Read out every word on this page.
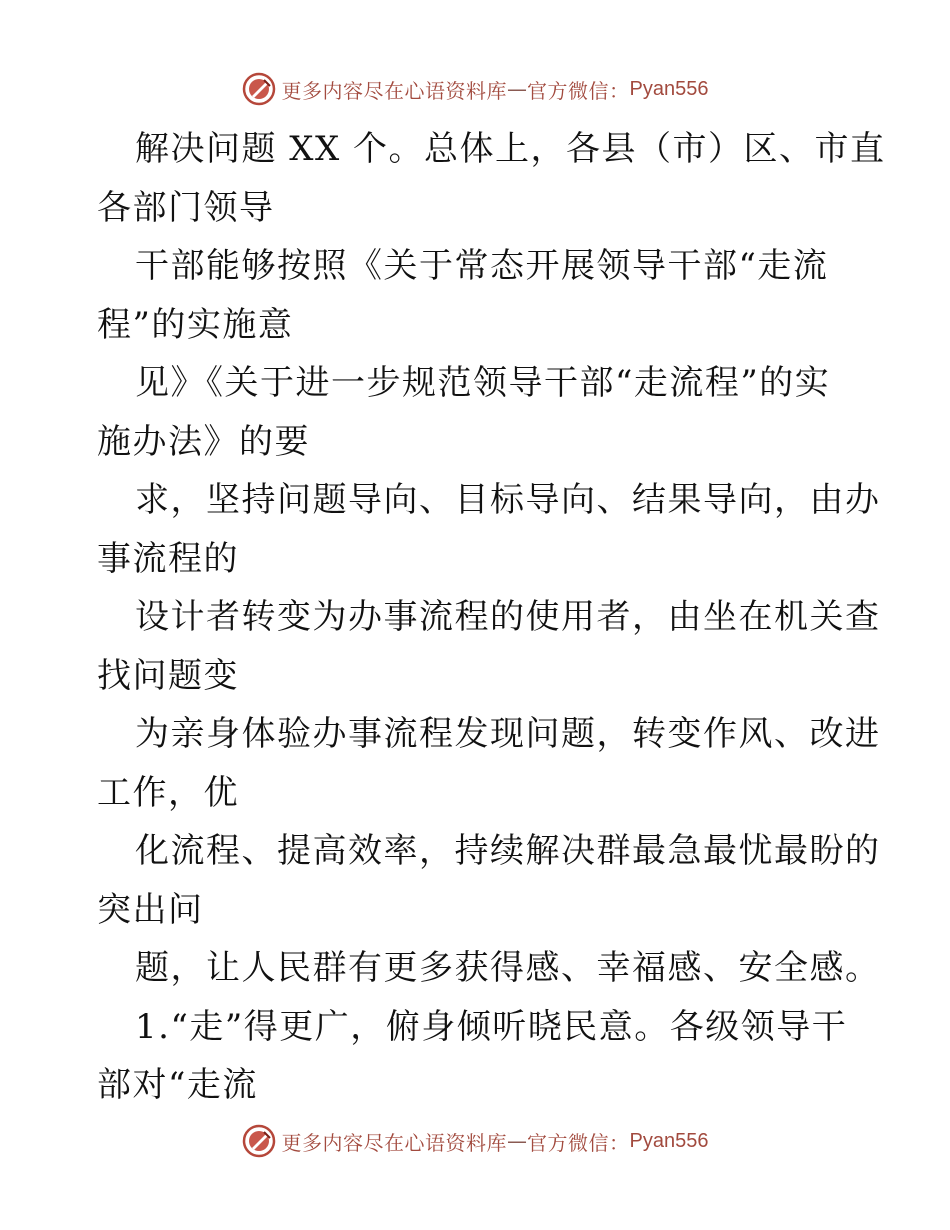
更多内容尽在心语资料库 — 官方微信： Pyan556
解决问题 XX 个。总体上，各县（市）区、市直
各部门领导
干部能够按照《关于常态开展领导干部“走流
程”的实施意
见》《关于进一步规范领导干部“走流程”的实
施办法》的要
求，坚持问题导向、目标导向、结果导向，由办
事流程的
设计者转变为办事流程的使用者，由坐在机关查
找问题变
为亲身体验办事流程发现问题，转变作风、改进
工作，优
化流程、提高效率，持续解决群最急最忧最盼的
突出问
题，让人民群有更多获得感、幸福感、安全感。
1.“走”得更广，俯身倾听晓民意。各级领导干
部对“走流
更多内容尽在心语资料库 — 官方微信： Pyan556
